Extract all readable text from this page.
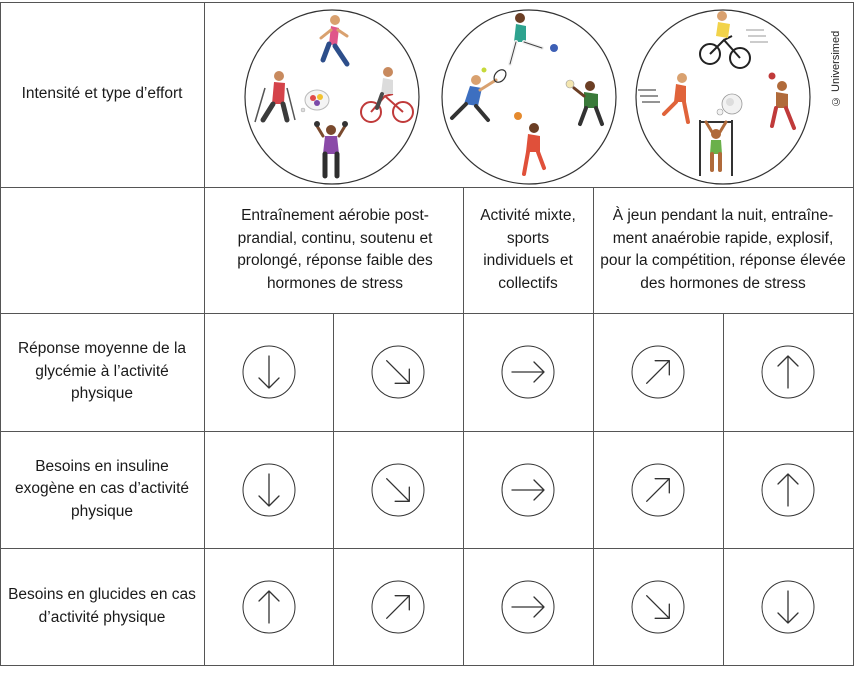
Intensité et type d’effort
Réponse moyenne de la glycémie à l’activité physique
Besoins en insuline exogène en cas d’activité physique
Besoins en glucides en cas d’activité physique
Entraînement aérobie post-prandial, continu, soutenu et prolongé, réponse faible des hormones de stress
Activité mixte, sports individuels et collectifs
À jeun pendant la nuit, entraîne-ment anaérobie rapide, explosif, pour la compétition, réponse élevée des hormones de stress
© Universimed
